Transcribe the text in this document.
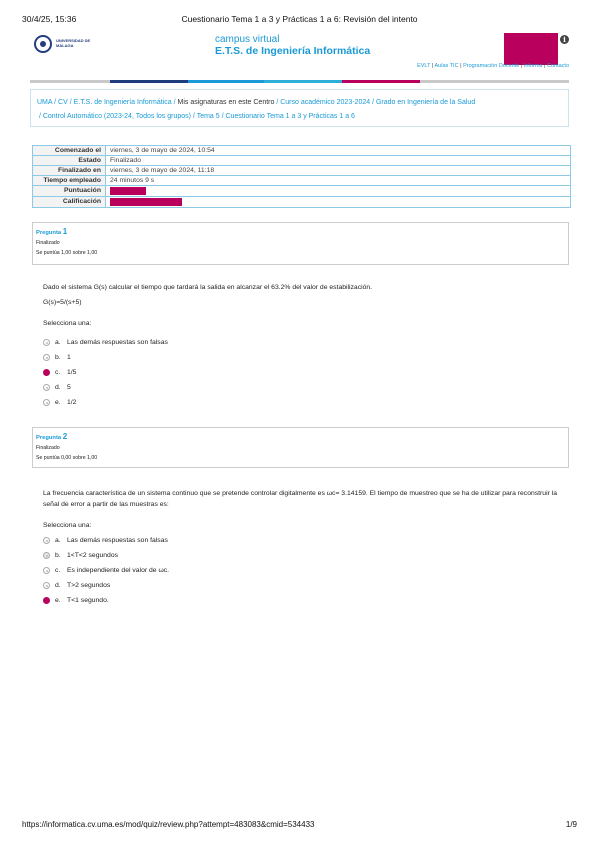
30/4/25, 15:36	Cuestionario Tema 1 a 3 y Prácticas 1 a 6: Revisión del intento
UNIVERSIDAD DE MÁLAGA
campus virtual
E.T.S. de Ingeniería Informática
i
EVLT | Aulas TIC | Programación Docente | Informa | Contacto
UMA / CV / E.T.S. de Ingeniería Informática / Mis asignaturas en este Centro / Curso académico 2023-2024 / Grado en Ingeniería de la Salud
/ Control Automático (2023-24, Todos los grupos) / Tema 5 / Cuestionario Tema 1 a 3 y Prácticas 1 a 6
Comenzado el	viernes, 3 de mayo de 2024, 10:54
Estado	Finalizado
Finalizado en	viernes, 3 de mayo de 2024, 11:18
Tiempo empleado	24 minutos 9 s
Puntuación	
Calificación	
Pregunta 1
Finalizado
Se puntúa 1,00 sobre 1,00

Dado el sistema G(s) calcular el tiempo que tardará la salida en alcanzar el 63.2% del valor de estabilización.

G(s)=5/(s+5)

Selecciona una:

a. Las demás respuestas son falsas
b. 1
c. 1/5
d. 5
e. 1/2
Pregunta 2
Finalizado
Se puntúa 0,00 sobre 1,00

La frecuencia característica de un sistema continuo que se pretende controlar digitalmente es ωc= 3.14159. El tiempo de muestreo que se ha de utilizar para reconstruir la señal de error a partir de las muestras es:

Selecciona una:

a. Las demás respuestas son falsas
b. 1<T<2 segundos
c. Es independiente del valor de ωc.
d. T>2 segundos
e. T<1 segundo.
https://informatica.cv.uma.es/mod/quiz/review.php?attempt=483083&cmid=534433	1/9
